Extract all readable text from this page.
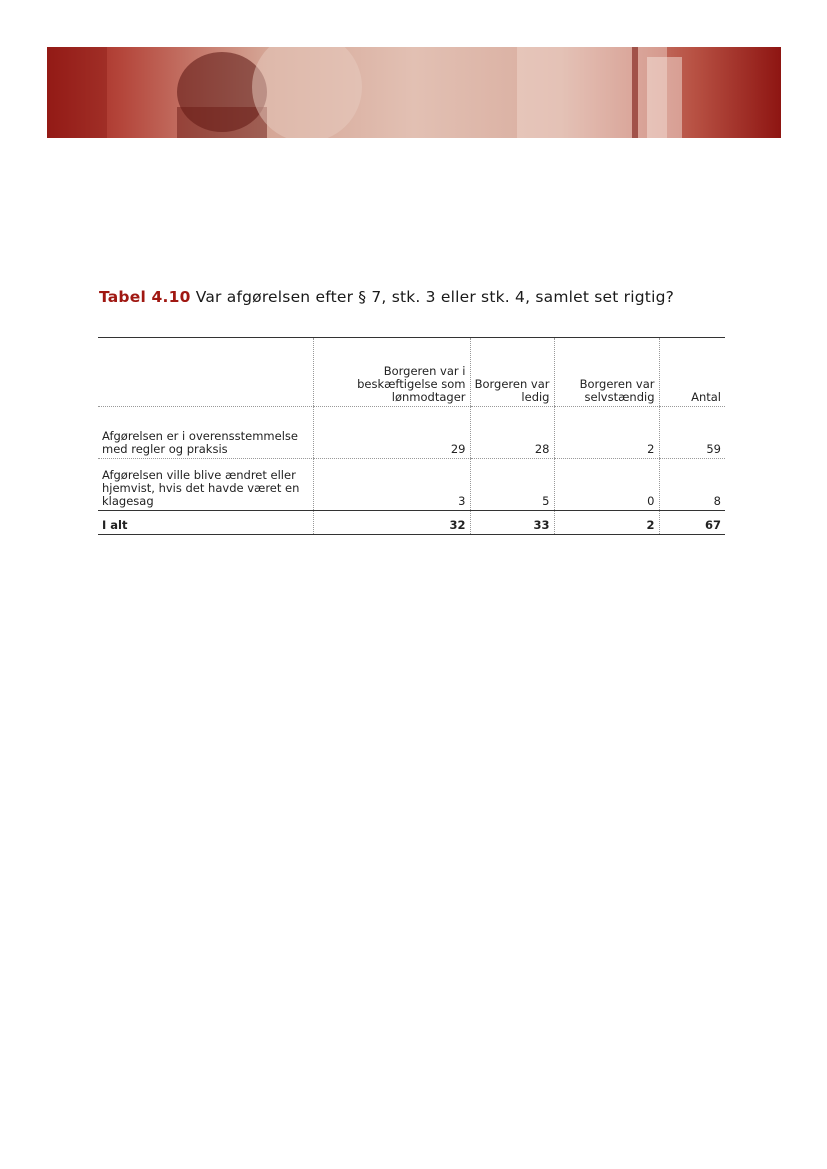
Tabel 4.10 Var afgørelsen efter § 7, stk. 3 eller stk. 4, samlet set rigtig?
	Borgeren var i beskæftigelse som lønmodtager	Borgeren var ledig	Borgeren var selvstændig	Antal
Afgørelsen er i overensstemmelse med regler og praksis	29	28	2	59
Afgørelsen ville blive ændret eller hjemvist, hvis det havde været en klagesag	3	5	0	8
I alt	32	33	2	67
